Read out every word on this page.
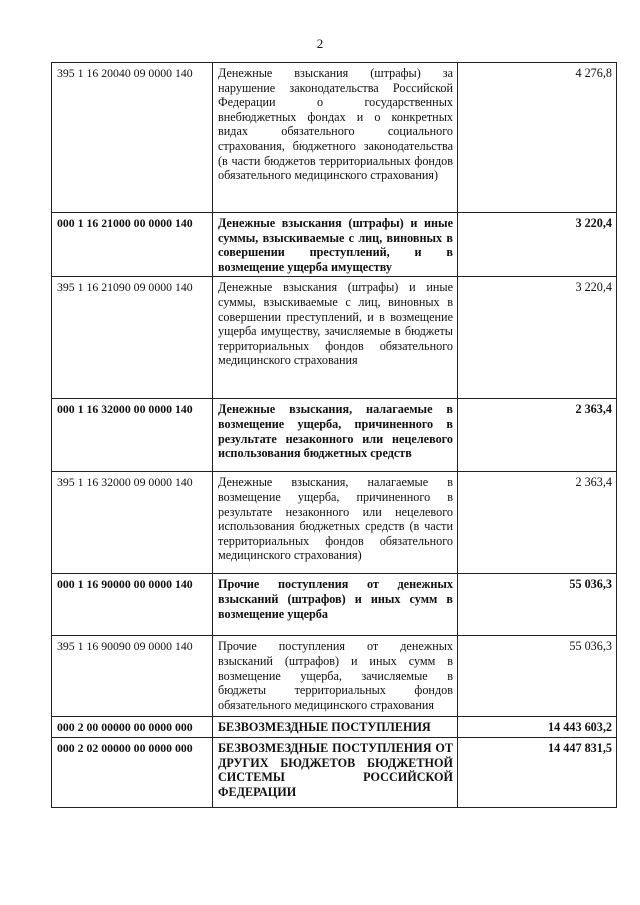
2
395 1 16 20040 09 0000 140	Денежные взыскания (штрафы) за нарушение законодательства Российской Федерации о государственных внебюджетных фондах и о конкретных видах обязательного социального страхования, бюджетного законодательства (в части бюджетов территориальных фондов обязательного медицинского страхования)	4 276,8
000 1 16 21000 00 0000 140	Денежные взыскания (штрафы) и иные суммы, взыскиваемые с лиц, виновных в совершении преступлений, и в возмещение ущерба имуществу	3 220,4
395 1 16 21090 09 0000 140	Денежные взыскания (штрафы) и иные суммы, взыскиваемые с лиц, виновных в совершении преступлений, и в возмещение ущерба имуществу, зачисляемые в бюджеты территориальных фондов обязательного медицинского страхования	3 220,4
000 1 16 32000 00 0000 140	Денежные взыскания, налагаемые в возмещение ущерба, причиненного в результате незаконного или нецелевого использования бюджетных средств	2 363,4
395 1 16 32000 09 0000 140	Денежные взыскания, налагаемые в возмещение ущерба, причиненного в результате незаконного или нецелевого использования бюджетных средств (в части территориальных фондов обязательного медицинского страхования)	2 363,4
000 1 16 90000 00 0000 140	Прочие поступления от денежных взысканий (штрафов) и иных сумм в возмещение ущерба	55 036,3
395 1 16 90090 09 0000 140	Прочие поступления от денежных взысканий (штрафов) и иных сумм в возмещение ущерба, зачисляемые в бюджеты территориальных фондов обязательного медицинского страхования	55 036,3
000 2 00 00000 00 0000 000	БЕЗВОЗМЕЗДНЫЕ ПОСТУПЛЕНИЯ	14 443 603,2
000 2 02 00000 00 0000 000	БЕЗВОЗМЕЗДНЫЕ ПОСТУПЛЕНИЯ ОТ ДРУГИХ БЮДЖЕТОВ БЮДЖЕТНОЙ СИСТЕМЫ РОССИЙСКОЙ ФЕДЕРАЦИИ	14 447 831,5
